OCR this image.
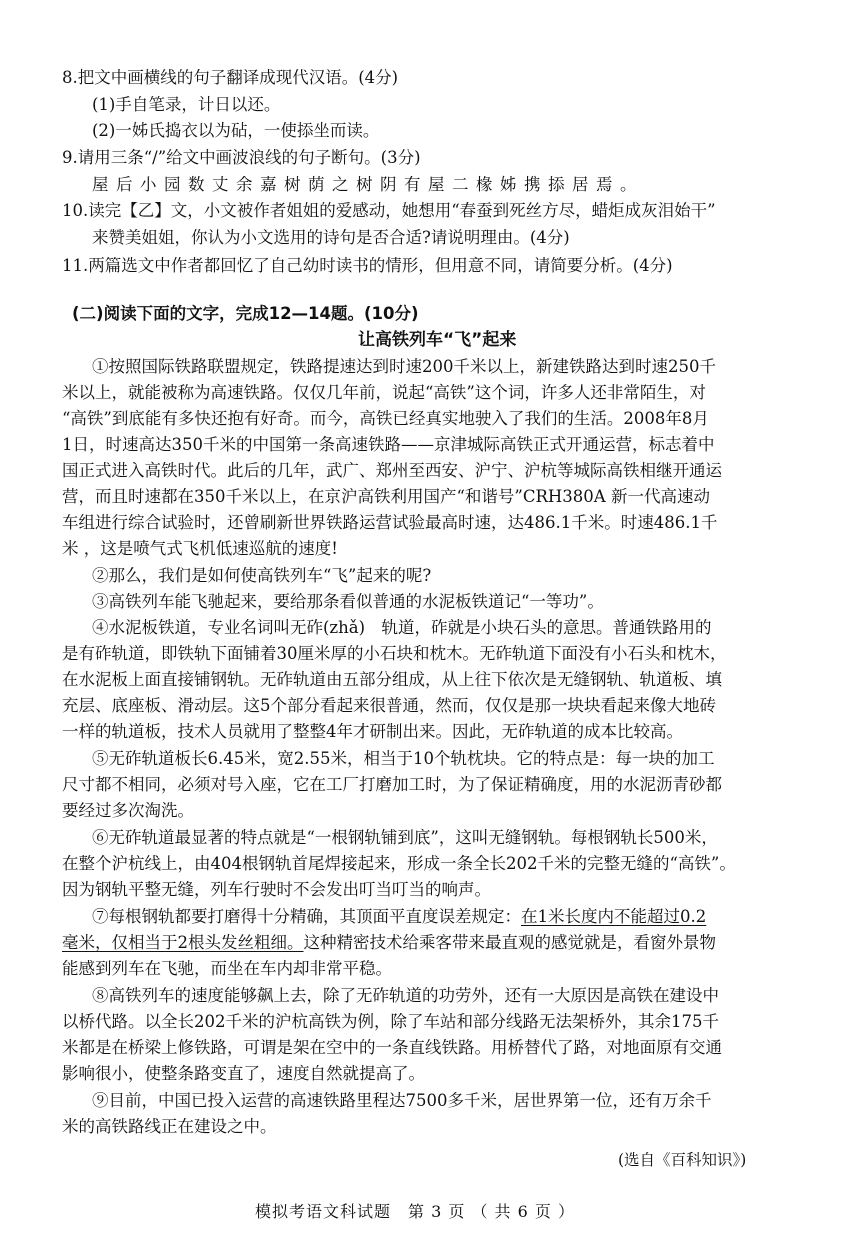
8.把文中画横线的句子翻译成现代汉语。(4分)
(1)手自笔录，计日以还。
(2)一姊氏捣衣以为砧，一使掭坐而读。
9.请用三条“/”给文中画波浪线的句子断句。(3分)
屋后小园数丈余嘉树荫之树阴有屋二椽姊携掭居焉。
10.读完【乙】文，小文被作者姐姐的爱感动，她想用“春蚕到死丝方尽，蜡炬成灰泪始干”
来赞美姐姐，你认为小文选用的诗句是否合适?请说明理由。(4分)
11.两篇选文中作者都回忆了自己幼时读书的情形，但用意不同，请简要分析。(4分)
(二)阅读下面的文字，完成12—14题。(10分)
让高铁列车“飞”起来
①按照国际铁路联盟规定，铁路提速达到时速200千米以上，新建铁路达到时速250千
米以上，就能被称为高速铁路。仅仅几年前，说起“高铁”这个词，许多人还非常陌生，对
“高铁”到底能有多快还抱有好奇。而今，高铁已经真实地驶入了我们的生活。2008年8月
1日，时速高达350千米的中国第一条高速铁路——京津城际高铁正式开通运营，标志着中
国正式进入高铁时代。此后的几年，武广、郑州至西安、沪宁、沪杭等城际高铁相继开通运
营，而且时速都在350千米以上，在京沪高铁利用国产“和谐号”CRH380A 新一代高速动
车组进行综合试验时，还曾刷新世界铁路运营试验最高时速，达486.1千米。时速486.1千
米 ，这是喷气式飞机低速巡航的速度!
②那么，我们是如何使高铁列车“飞”起来的呢?
③高铁列车能飞驰起来，要给那条看似普通的水泥板铁道记“一等功”。
④水泥板铁道，专业名词叫无砟(zhǎ)　轨道，砟就是小块石头的意思。普通铁路用的
是有砟轨道，即铁轨下面铺着30厘米厚的小石块和枕木。无砟轨道下面没有小石头和枕木，
在水泥板上面直接铺钢轨。无砟轨道由五部分组成，从上往下依次是无缝钢轨、轨道板、填
充层、底座板、滑动层。这5个部分看起来很普通，然而，仅仅是那一块块看起来像大地砖
一样的轨道板，技术人员就用了整整4年才研制出来。因此，无砟轨道的成本比较高。
⑤无砟轨道板长6.45米，宽2.55米，相当于10个轨枕块。它的特点是：每一块的加工
尺寸都不相同，必须对号入座，它在工厂打磨加工时，为了保证精确度，用的水泥沥青砂都
要经过多次淘洗。
⑥无砟轨道最显著的特点就是“一根钢轨铺到底”，这叫无缝钢轨。每根钢轨长500米，
在整个沪杭线上，由404根钢轨首尾焊接起来，形成一条全长202千米的完整无缝的“高铁”。
因为钢轨平整无缝，列车行驶时不会发出叮当叮当的响声。
⑦每根钢轨都要打磨得十分精确，其顶面平直度误差规定：在1米长度内不能超过0.2
毫米，仅相当于2根头发丝粗细。这种精密技术给乘客带来最直观的感觉就是，看窗外景物
能感到列车在飞驰，而坐在车内却非常平稳。
⑧高铁列车的速度能够飙上去，除了无砟轨道的功劳外，还有一大原因是高铁在建设中
以桥代路。以全长202千米的沪杭高铁为例，除了车站和部分线路无法架桥外，其余175千
米都是在桥梁上修铁路，可谓是架在空中的一条直线铁路。用桥替代了路，对地面原有交通
影响很小，使整条路变直了，速度自然就提高了。
⑨目前，中国已投入运营的高速铁路里程达7500多千米，居世界第一位，还有万余千
米的高铁路线正在建设之中。
(选自《百科知识》)
模拟考语文科试题　第 3 页 （ 共 6 页 ）
